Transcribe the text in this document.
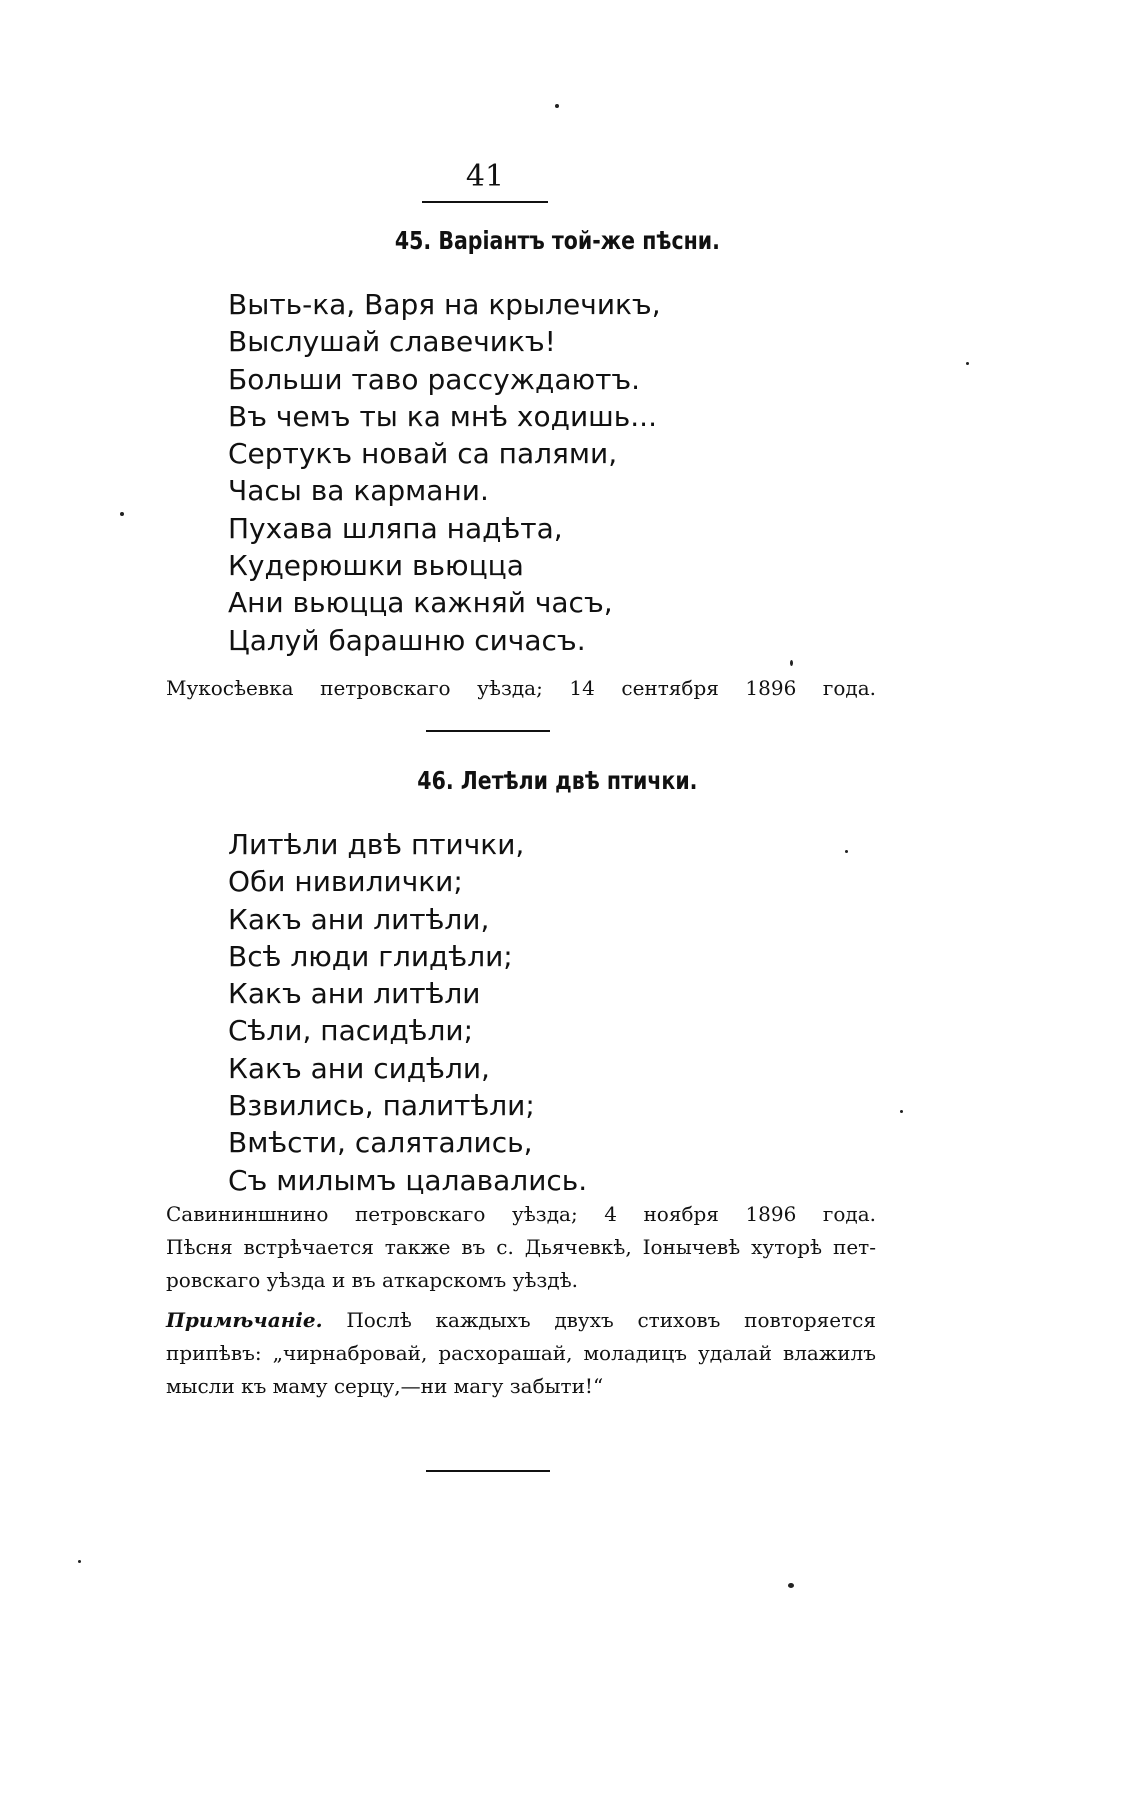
41
45. Варіантъ той-же пѣсни.
Выть-ка, Варя на крылечикъ,
Выслушай славечикъ!
Больши таво рассуждаютъ.
Въ чемъ ты ка мнѣ ходишь...
Сертукъ новай са палями,
Часы ва кармани.
Пухава шляпа надѣта,
Кудерюшки вьюцца
Ани вьюцца кажняй часъ,
Цалуй барашню сичасъ.
Мукосѣевка петровскаго уѣзда; 14 сентября 1896 года.
46. Летѣли двѣ птички.
Литѣли двѣ птички,
Оби нивилички;
Какъ ани литѣли,
Всѣ люди глидѣли;
Какъ ани литѣли
Сѣли, пасидѣли;
Какъ ани сидѣли,
Взвились, палитѣли;
Вмѣсти, салятались,
Съ милымъ цалавались.
Савининшнино петровскаго уѣзда; 4 ноября 1896 года.
Пѣсня встрѣчается также въ с. Дьячевкѣ, Іонычевѣ хуторѣ пет-
ровскаго уѣзда и въ аткарскомъ уѣздѣ.
Примѣчаніе. Послѣ каждыхъ двухъ стиховъ повторяется
припѣвъ: „чирнабровай, расхорашай, моладицъ удалай влажилъ
мысли къ маму серцу,—ни магу забыти!“
